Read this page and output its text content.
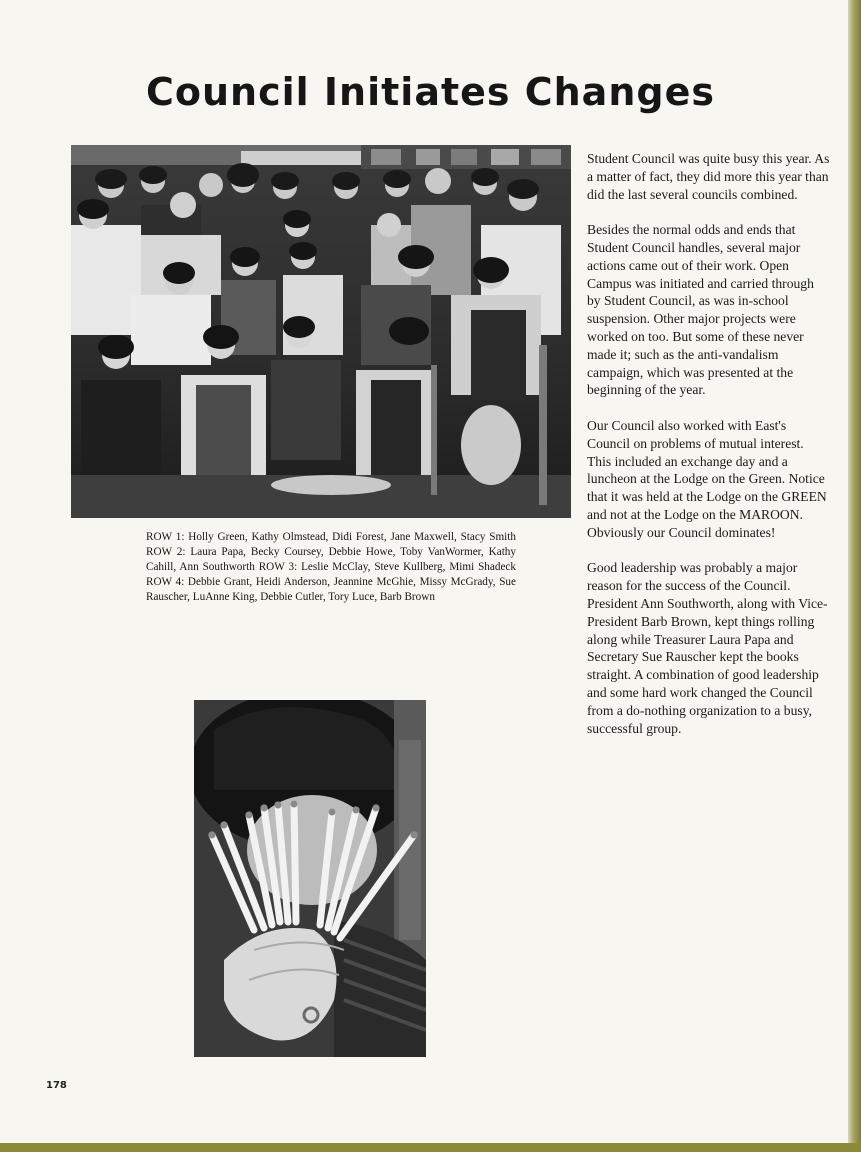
Council Initiates Changes
ROW 1: Holly Green, Kathy Olmstead, Didi Forest, Jane Maxwell, Stacy Smith ROW 2: Laura Papa, Becky Coursey, Debbie Howe, Toby VanWormer, Kathy Cahill, Ann Southworth ROW 3: Leslie McClay, Steve Kullberg, Mimi Shadeck ROW 4: Debbie Grant, Heidi Anderson, Jeannine McGhie, Missy McGrady, Sue Rauscher, LuAnne King, Debbie Cutler, Tory Luce, Barb Brown

Student Council was quite busy this year. As a matter of fact, they did more this year than did the last several councils combined.

Besides the normal odds and ends that Student Council handles, several major actions came out of their work. Open Campus was initiated and carried through by Student Council, as was in-school suspension. Other major projects were worked on too. But some of these never made it; such as the anti-vandalism campaign, which was presented at the beginning of the year.

Our Council also worked with East's Council on problems of mutual interest. This included an exchange day and a luncheon at the Lodge on the Green. Notice that it was held at the Lodge on the GREEN and not at the Lodge on the MAROON. Obviously our Council dominates!

Good leadership was probably a major reason for the success of the Council. President Ann Southworth, along with Vice-President Barb Brown, kept things rolling along while Treasurer Laura Papa and Secretary Sue Rauscher kept the books straight. A combination of good leadership and some hard work changed the Council from a do-nothing organization to a busy, successful group.

178
